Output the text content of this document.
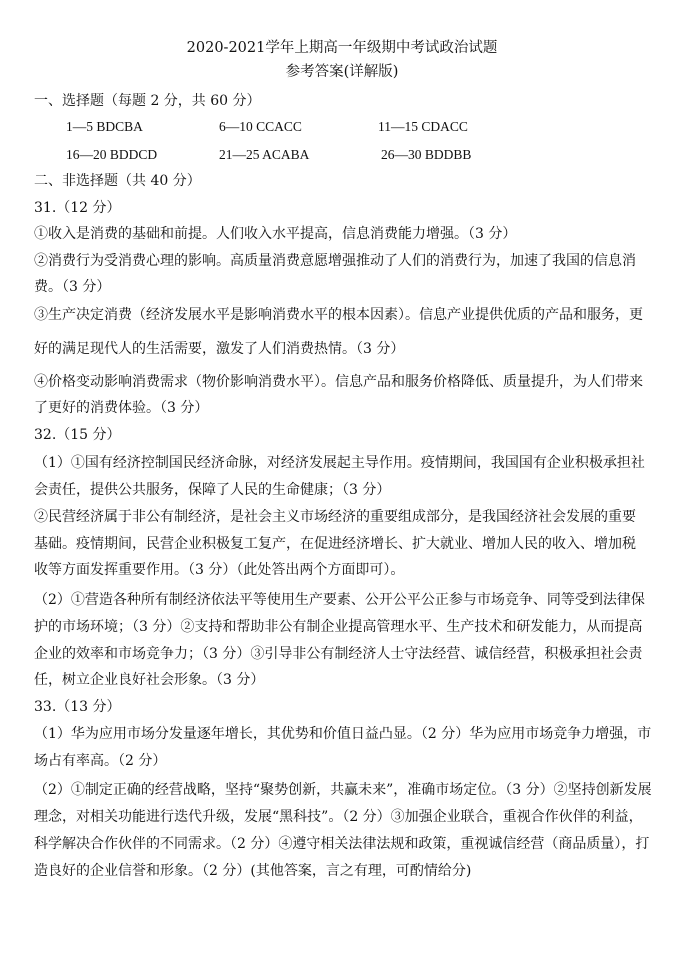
2020-2021学年上期高一年级期中考试政治试题
参考答案(详解版)
一、选择题（每题 2 分，共 60 分）
1—5 BDCBA	6—10 CCACC	11—15 CDACC
16—20 BDDCD	21—25 ACABA	26—30 BDDBB
二、非选择题（共 40 分）
31.（12 分）
①收入是消费的基础和前提。人们收入水平提高，信息消费能力增强。（3 分）
②消费行为受消费心理的影响。高质量消费意愿增强推动了人们的消费行为，加速了我国的信息消
费。（3 分）
③生产决定消费（经济发展水平是影响消费水平的根本因素）。信息产业提供优质的产品和服务，更
好的满足现代人的生活需要，激发了人们消费热情。（3 分）
④价格变动影响消费需求（物价影响消费水平）。信息产品和服务价格降低、质量提升，为人们带来
了更好的消费体验。（3 分）
32.（15 分）
（1）①国有经济控制国民经济命脉，对经济发展起主导作用。疫情期间，我国国有企业积极承担社
会责任，提供公共服务，保障了人民的生命健康；（3 分）
②民营经济属于非公有制经济，是社会主义市场经济的重要组成部分，是我国经济社会发展的重要
基础。疫情期间，民营企业积极复工复产，在促进经济增长、扩大就业、增加人民的收入、增加税
收等方面发挥重要作用。（3 分）（此处答出两个方面即可）。
（2）①营造各种所有制经济依法平等使用生产要素、公开公平公正参与市场竞争、同等受到法律保
护的市场环境；（3 分）②支持和帮助非公有制企业提高管理水平、生产技术和研发能力，从而提高
企业的效率和市场竞争力；（3 分）③引导非公有制经济人士守法经营、诚信经营，积极承担社会责
任，树立企业良好社会形象。（3 分）
33.（13 分）
（1）华为应用市场分发量逐年增长，其优势和价值日益凸显。（2 分）华为应用市场竞争力增强，市
场占有率高。（2 分）
（2）①制定正确的经营战略，坚持“聚势创新，共赢未来”，准确市场定位。（3 分）②坚持创新发展
理念，对相关功能进行迭代升级，发展“黑科技”。（2 分）③加强企业联合，重视合作伙伴的利益，
科学解决合作伙伴的不同需求。（2 分）④遵守相关法律法规和政策，重视诚信经营（商品质量），打
造良好的企业信誉和形象。（2 分）(其他答案，言之有理，可酌情给分)
